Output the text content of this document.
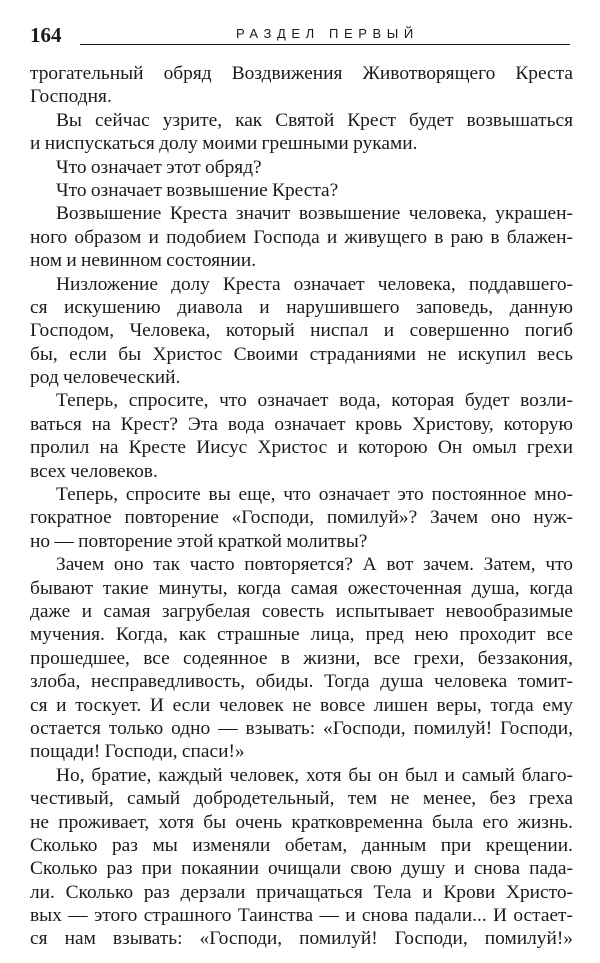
164	РАЗДЕЛ ПЕРВЫЙ
трогательный обряд Воздвижения Животворящего Креста
Господня.
Вы сейчас узрите, как Святой Крест будет возвышаться
и ниспускаться долу моими грешными руками.
Что означает этот обряд?
Что означает возвышение Креста?
Возвышение Креста значит возвышение человека, украшен-
ного образом и подобием Господа и живущего в раю в блажен-
ном и невинном состоянии.
Низложение долу Креста означает человека, поддавшего-
ся искушению диавола и нарушившего заповедь, данную
Господом, Человека, который ниспал и совершенно погиб
бы, если бы Христос Своими страданиями не искупил весь
род человеческий.
Теперь, спросите, что означает вода, которая будет возли-
ваться на Крест? Эта вода означает кровь Христову, которую
пролил на Кресте Иисус Христос и которою Он омыл грехи
всех человеков.
Теперь, спросите вы еще, что означает это постоянное мно-
гократное повторение «Господи, помилуй»? Зачем оно нуж-
но — повторение этой краткой молитвы?
Зачем оно так часто повторяется? А вот зачем. Затем, что
бывают такие минуты, когда самая ожесточенная душа, когда
даже и самая загрубелая совесть испытывает невообразимые
мучения. Когда, как страшные лица, пред нею проходит все
прошедшее, все содеянное в жизни, все грехи, беззакония,
злоба, несправедливость, обиды. Тогда душа человека томит-
ся и тоскует. И если человек не вовсе лишен веры, тогда ему
остается только одно — взывать: «Господи, помилуй! Господи,
пощади! Господи, спаси!»
Но, братие, каждый человек, хотя бы он был и самый благо-
честивый, самый добродетельный, тем не менее, без греха
не проживает, хотя бы очень кратковременна была его жизнь.
Сколько раз мы изменяли обетам, данным при крещении.
Сколько раз при покаянии очищали свою душу и снова пада-
ли. Сколько раз дерзали причащаться Тела и Крови Христо-
вых — этого страшного Таинства — и снова падали... И остает-
ся нам взывать: «Господи, помилуй! Господи, помилуй!»
